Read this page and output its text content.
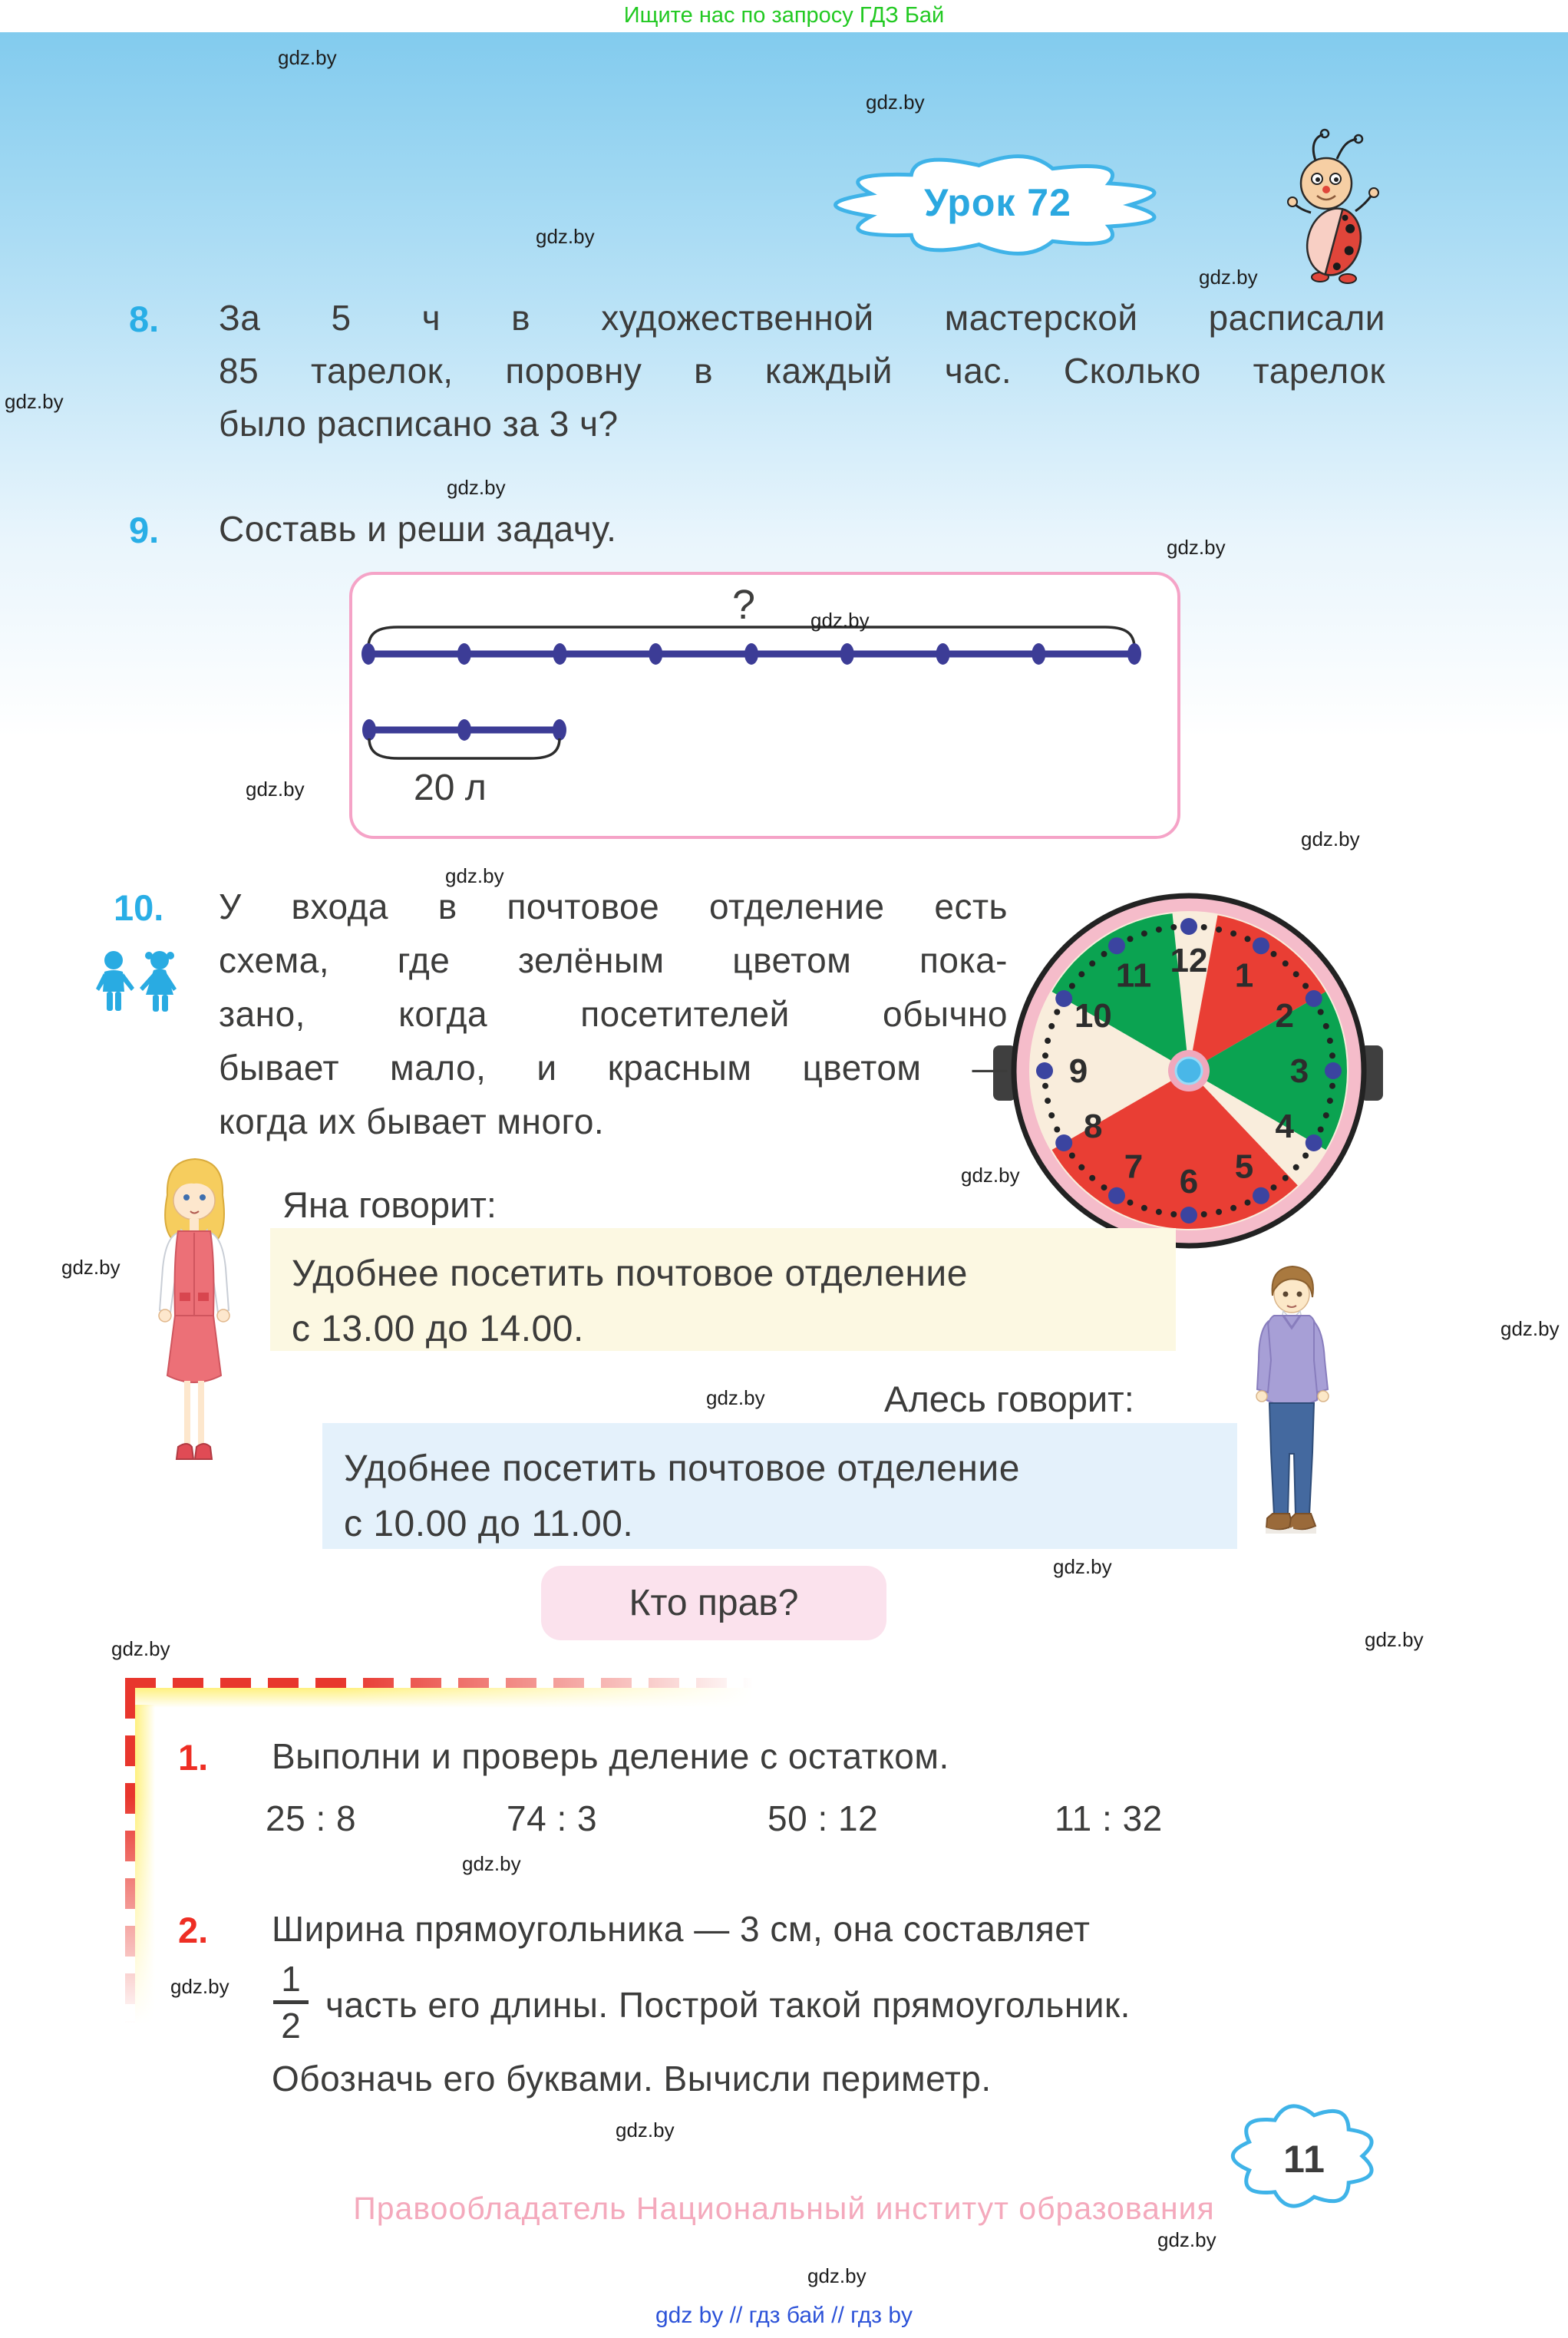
Ищите нас по запросу ГДЗ Бай
Урок 72
8. За 5 ч в художественной мастерской расписали
85 тарелок, поровну в каждый час. Сколько тарелок
было расписано за 3 ч?
9. Составь и реши задачу.
?
20 л
10. У входа в почтовое отделение есть
схема, где зелёным цветом пока-
зано, когда посетителей обычно
бывает мало, и красным цветом —
когда их бывает много.
1
2
3
4
5
6
7
8
9
10
11 12
Яна говорит:

Удобнее посетить почтовое отделение

с 13.00 до 14.00.

Алесь говорит:

Удобнее посетить почтовое отделение

с 10.00 до 11.00.

Кто прав?
1. Выполни и проверь деление с остатком.
25 : 8	74 : 3	50 : 12	11 : 32
2. Ширина прямоугольника — 3 см, она составляет
1
2
часть его длины. Построй такой прямоугольник.
Обозначь его буквами. Вычисли периметр.
11
Правообладатель Национальный институт образования
gdz by // гдз бай // гдз by
gdz.by
gdz.by
gdz.by
gdz.by
gdz.by
gdz.by
gdz.by
gdz.by
gdz.by
gdz.by
gdz.by
gdz.by
gdz.by
gdz.by
gdz.by
gdz.by
gdz.by
gdz.by
gdz.by
gdz.by
gdz.by
gdz.by
gdz.by
